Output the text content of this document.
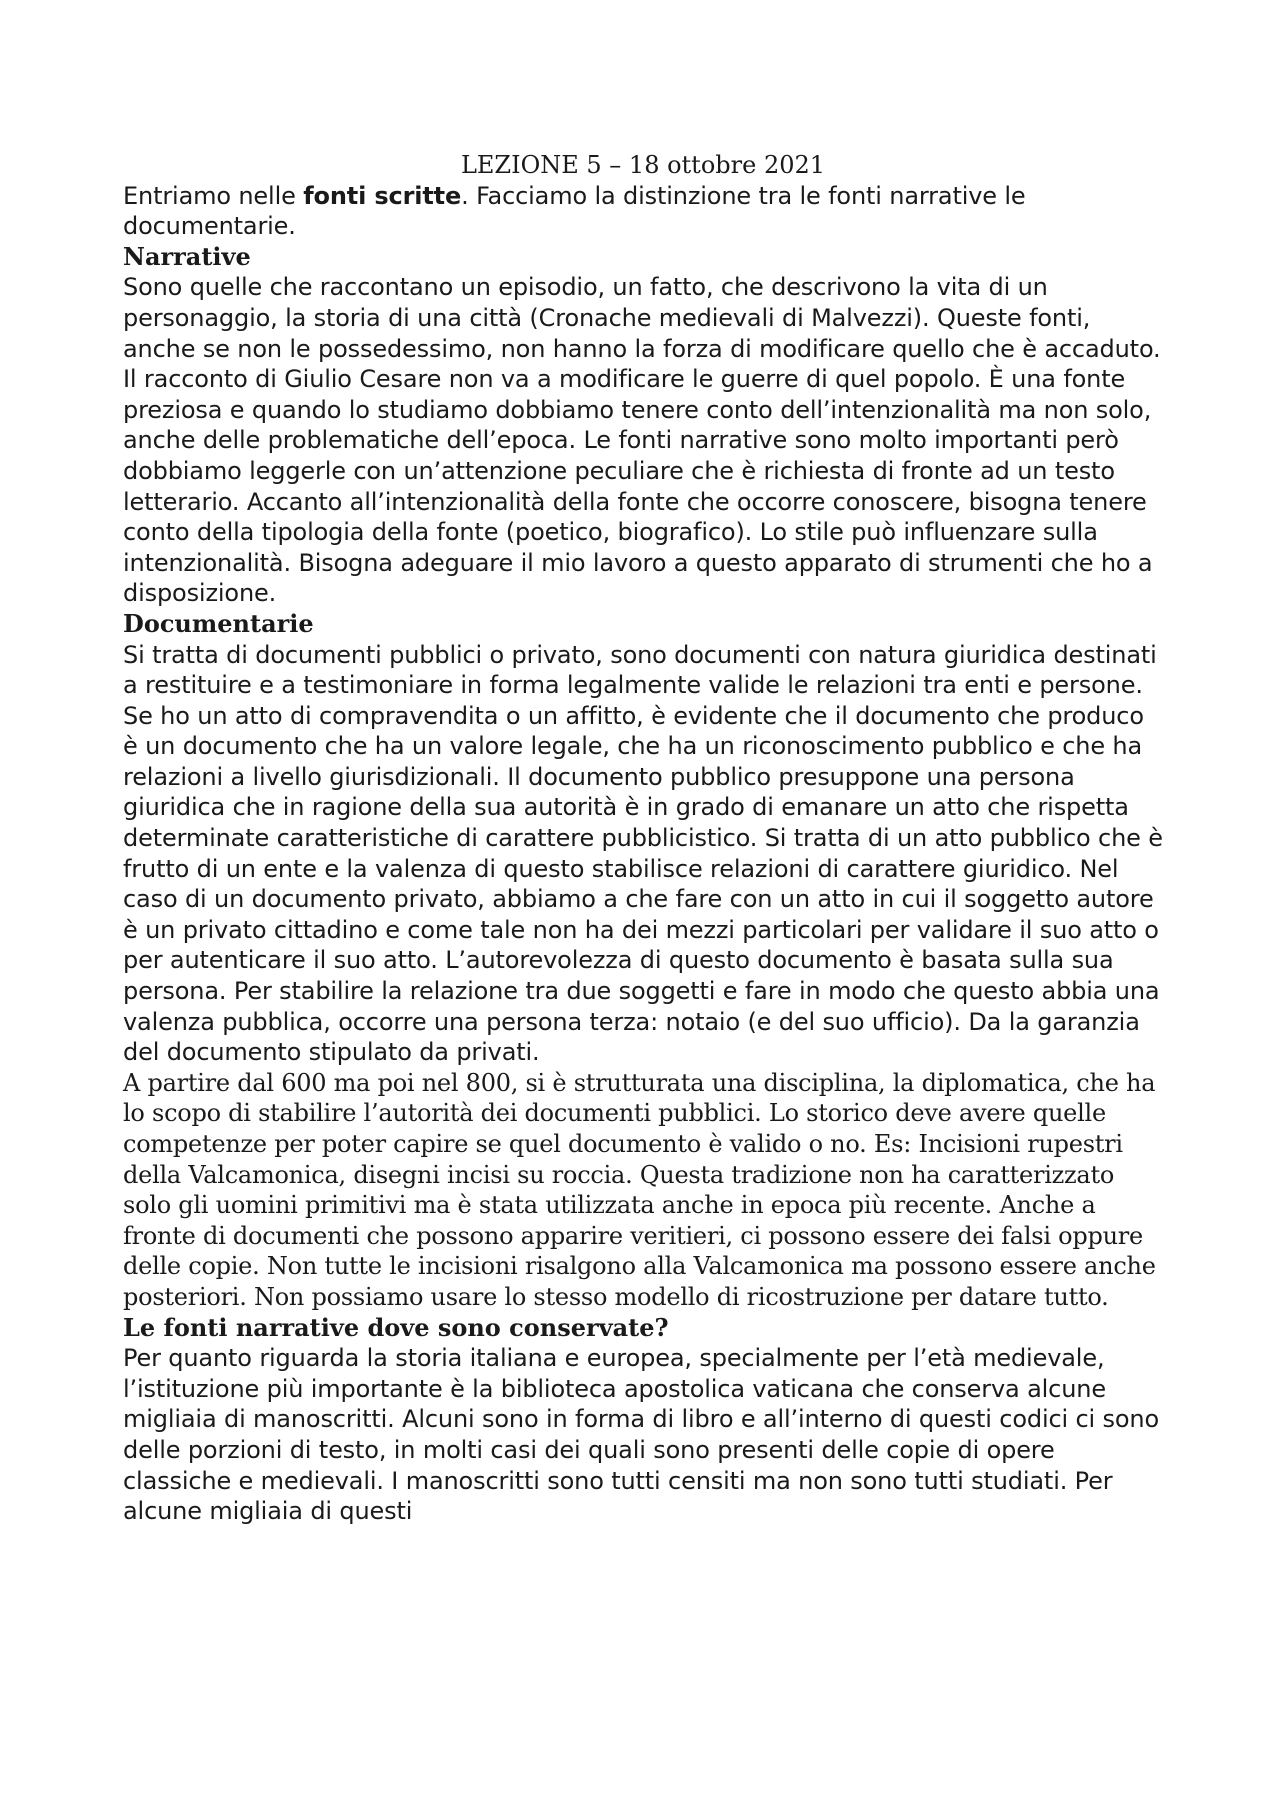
LEZIONE 5 – 18 ottobre 2021

Entriamo nelle fonti scritte. Facciamo la distinzione tra le fonti narrative le documentarie.

Narrative

Sono quelle che raccontano un episodio, un fatto, che descrivono la vita di un personaggio, la storia di una città (Cronache medievali di Malvezzi). Queste fonti, anche se non le possedessimo, non hanno la forza di modificare quello che è accaduto. Il racconto di Giulio Cesare non va a modificare le guerre di quel popolo. È una fonte preziosa e quando lo studiamo dobbiamo tenere conto dell’intenzionalità ma non solo, anche delle problematiche dell’epoca. Le fonti narrative sono molto importanti però dobbiamo leggerle con un’attenzione peculiare che è richiesta di fronte ad un testo letterario. Accanto all’intenzionalità della fonte che occorre conoscere, bisogna tenere conto della tipologia della fonte (poetico, biografico). Lo stile può influenzare sulla intenzionalità. Bisogna adeguare il mio lavoro a questo apparato di strumenti che ho a disposizione.

Documentarie

Si tratta di documenti pubblici o privato, sono documenti con natura giuridica destinati a restituire e a testimoniare in forma legalmente valide le relazioni tra enti e persone. Se ho un atto di compravendita o un affitto, è evidente che il documento che produco è un documento che ha un valore legale, che ha un riconoscimento pubblico e che ha relazioni a livello giurisdizionali. Il documento pubblico presuppone una persona giuridica che in ragione della sua autorità è in grado di emanare un atto che rispetta determinate caratteristiche di carattere pubblicistico. Si tratta di un atto pubblico che è frutto di un ente e la valenza di questo stabilisce relazioni di carattere giuridico. Nel caso di un documento privato, abbiamo a che fare con un atto in cui il soggetto autore è un privato cittadino e come tale non ha dei mezzi particolari per validare il suo atto o per autenticare il suo atto. L’autorevolezza di questo documento è basata sulla sua persona. Per stabilire la relazione tra due soggetti e fare in modo che questo abbia una valenza pubblica, occorre una persona terza: notaio (e del suo ufficio). Da la garanzia del documento stipulato da privati.

A partire dal 600 ma poi nel 800, si è strutturata una disciplina, la diplomatica, che ha lo scopo di stabilire l’autorità dei documenti pubblici. Lo storico deve avere quelle competenze per poter capire se quel documento è valido o no. Es: Incisioni rupestri della Valcamonica, disegni incisi su roccia. Questa tradizione non ha caratterizzato solo gli uomini primitivi ma è stata utilizzata anche in epoca più recente. Anche a fronte di documenti che possono apparire veritieri, ci possono essere dei falsi oppure delle copie. Non tutte le incisioni risalgono alla Valcamonica ma possono essere anche posteriori. Non possiamo usare lo stesso modello di ricostruzione per datare tutto.

Le fonti narrative dove sono conservate?

Per quanto riguarda la storia italiana e europea, specialmente per l’età medievale, l’istituzione più importante è la biblioteca apostolica vaticana che conserva alcune migliaia di manoscritti. Alcuni sono in forma di libro e all’interno di questi codici ci sono delle porzioni di testo, in molti casi dei quali sono presenti delle copie di opere classiche e medievali. I manoscritti sono tutti censiti ma non sono tutti studiati. Per alcune migliaia di questi
